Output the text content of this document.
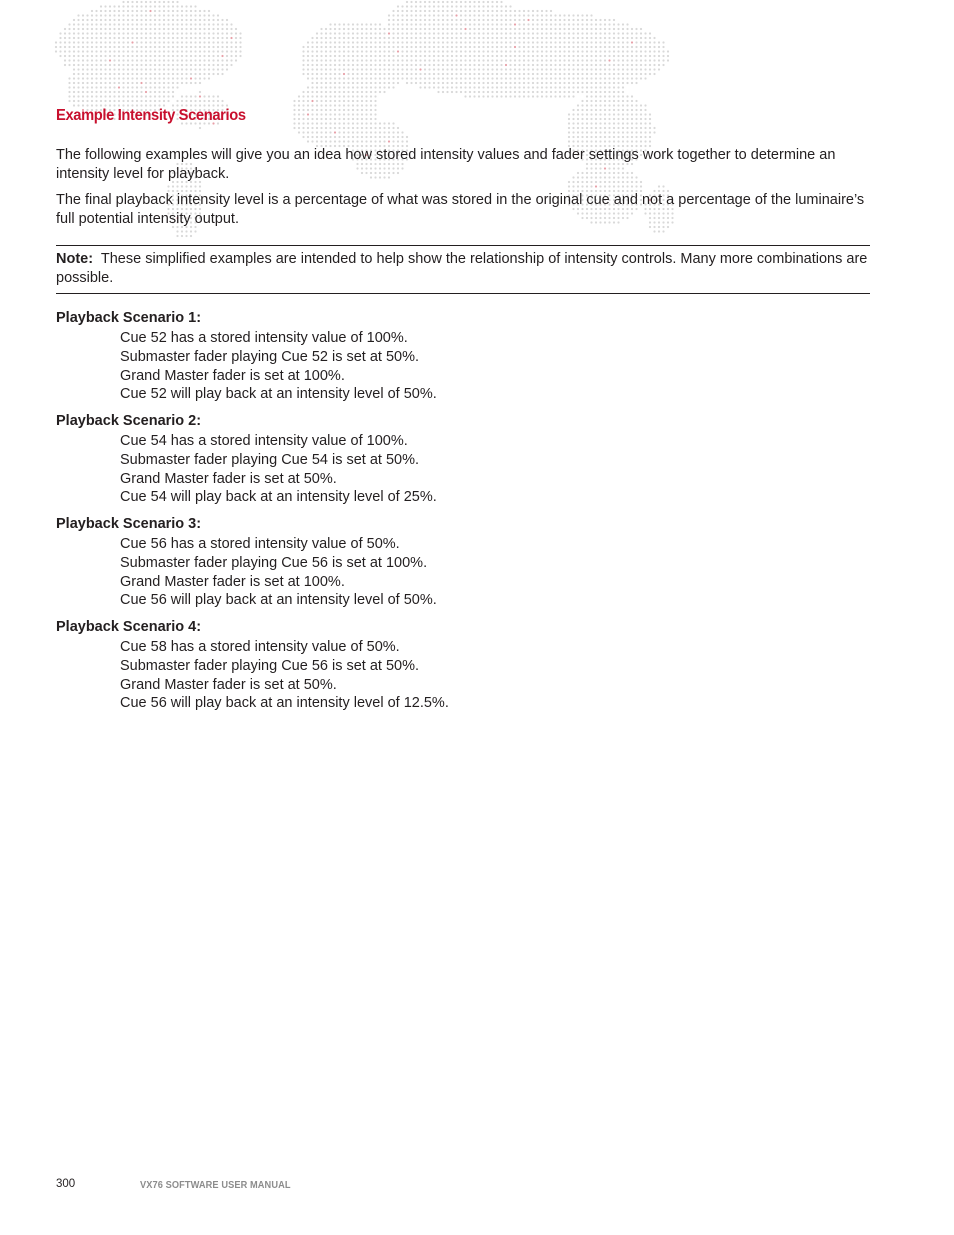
Example Intensity Scenarios

The following examples will give you an idea how stored intensity values and fader settings work together to determine an intensity level for playback.

The final playback intensity level is a percentage of what was stored in the original cue and not a percentage of the luminaire’s full potential intensity output.

Note: These simplified examples are intended to help show the relationship of intensity controls. Many more combinations are possible.

Playback Scenario 1:

Cue 52 has a stored intensity value of 100%.
Submaster fader playing Cue 52 is set at 50%.
Grand Master fader is set at 100%.
Cue 52 will play back at an intensity level of 50%.

Playback Scenario 2:

Cue 54 has a stored intensity value of 100%.
Submaster fader playing Cue 54 is set at 50%.
Grand Master fader is set at 50%.
Cue 54 will play back at an intensity level of 25%.

Playback Scenario 3:

Cue 56 has a stored intensity value of 50%.
Submaster fader playing Cue 56 is set at 100%.
Grand Master fader is set at 100%.
Cue 56 will play back at an intensity level of 50%.

Playback Scenario 4:

Cue 58 has a stored intensity value of 50%.
Submaster fader playing Cue 56 is set at 50%.
Grand Master fader is set at 50%.
Cue 56 will play back at an intensity level of 12.5%.
300	VX76 SOFTWARE USER MANUAL
